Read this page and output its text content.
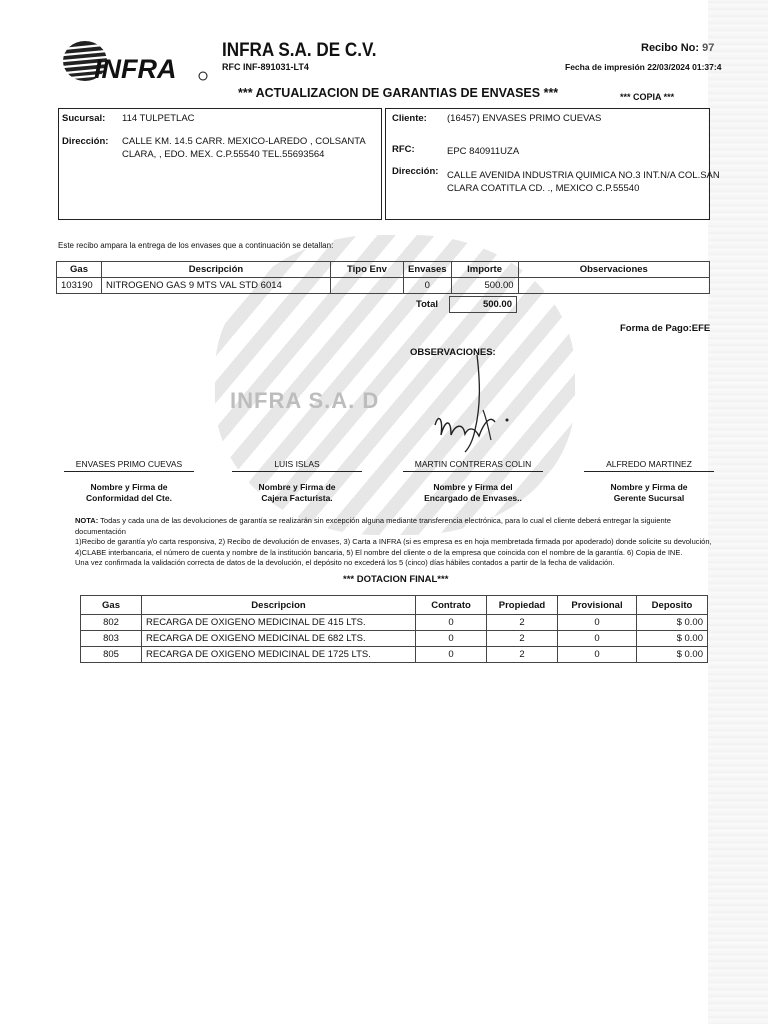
INFRA S.A. D
INFRA
INFRA S.A. DE C.V.
RFC INF-891031-LT4
Recibo No: 97
Fecha de impresión 22/03/2024 01:37:4
*** ACTUALIZACION DE GARANTIAS DE ENVASES ***	*** COPIA ***
Sucursal: 114 TULPETLAC
Dirección: CALLE KM. 14.5 CARR. MEXICO-LAREDO , COLSANTA
CLARA, , EDO. MEX. C.P.55540 TEL.55693564
Cliente: (16457) ENVASES PRIMO CUEVAS
RFC:	EPC 840911UZA
Dirección: CALLE AVENIDA INDUSTRIA QUIMICA NO.3 INT.N/A COL.SAN
CLARA COATITLA CD. ., MEXICO C.P.55540
Este recibo ampara la entrega de los envases que a continuación se detallan:
Gas	Descripción	Tipo Env	Envases	Importe	Observaciones
103190	NITROGENO GAS 9 MTS VAL STD 6014		0	500.00	
Total	500.00
Forma de Pago:EFE
OBSERVACIONES:
ENVASES PRIMO CUEVAS
Nombre y Firma de
Conformidad del Cte.
LUIS ISLAS
Nombre y Firma de
Cajera Facturista.
MARTIN CONTRERAS COLIN
Nombre y Firma del
Encargado de Envases..
ALFREDO MARTINEZ
Nombre y Firma de
Gerente Sucursal
NOTA: Todas y cada una de las devoluciones de garantía se realizarán sin excepción alguna mediante transferencia electrónica, para lo cual el cliente deberá entregar la siguiente documentación
1)Recibo de garantía y/o carta responsiva, 2) Recibo de devolución de envases, 3) Carta a INFRA (si es empresa es en hoja membretada firmada por apoderado) donde solicite su devolución,
4)CLABE interbancaria, el número de cuenta y nombre de la institución bancaria, 5) El nombre del cliente o de la empresa que coincida con el nombre de la garantía. 6) Copia de INE.
Una vez confirmada la validación correcta de datos de la devolución, el depósito no excederá los 5 (cinco) días hábiles contados a partir de la fecha de validación.
*** DOTACION FINAL***
Gas	Descripcion	Contrato	Propiedad	Provisional	Deposito
802	RECARGA DE OXIGENO MEDICINAL DE 415 LTS.	0	2	0	$ 0.00
803	RECARGA DE OXIGENO MEDICINAL DE 682 LTS.	0	2	0	$ 0.00
805	RECARGA DE OXIGENO MEDICINAL DE 1725 LTS.	0	2	0	$ 0.00
